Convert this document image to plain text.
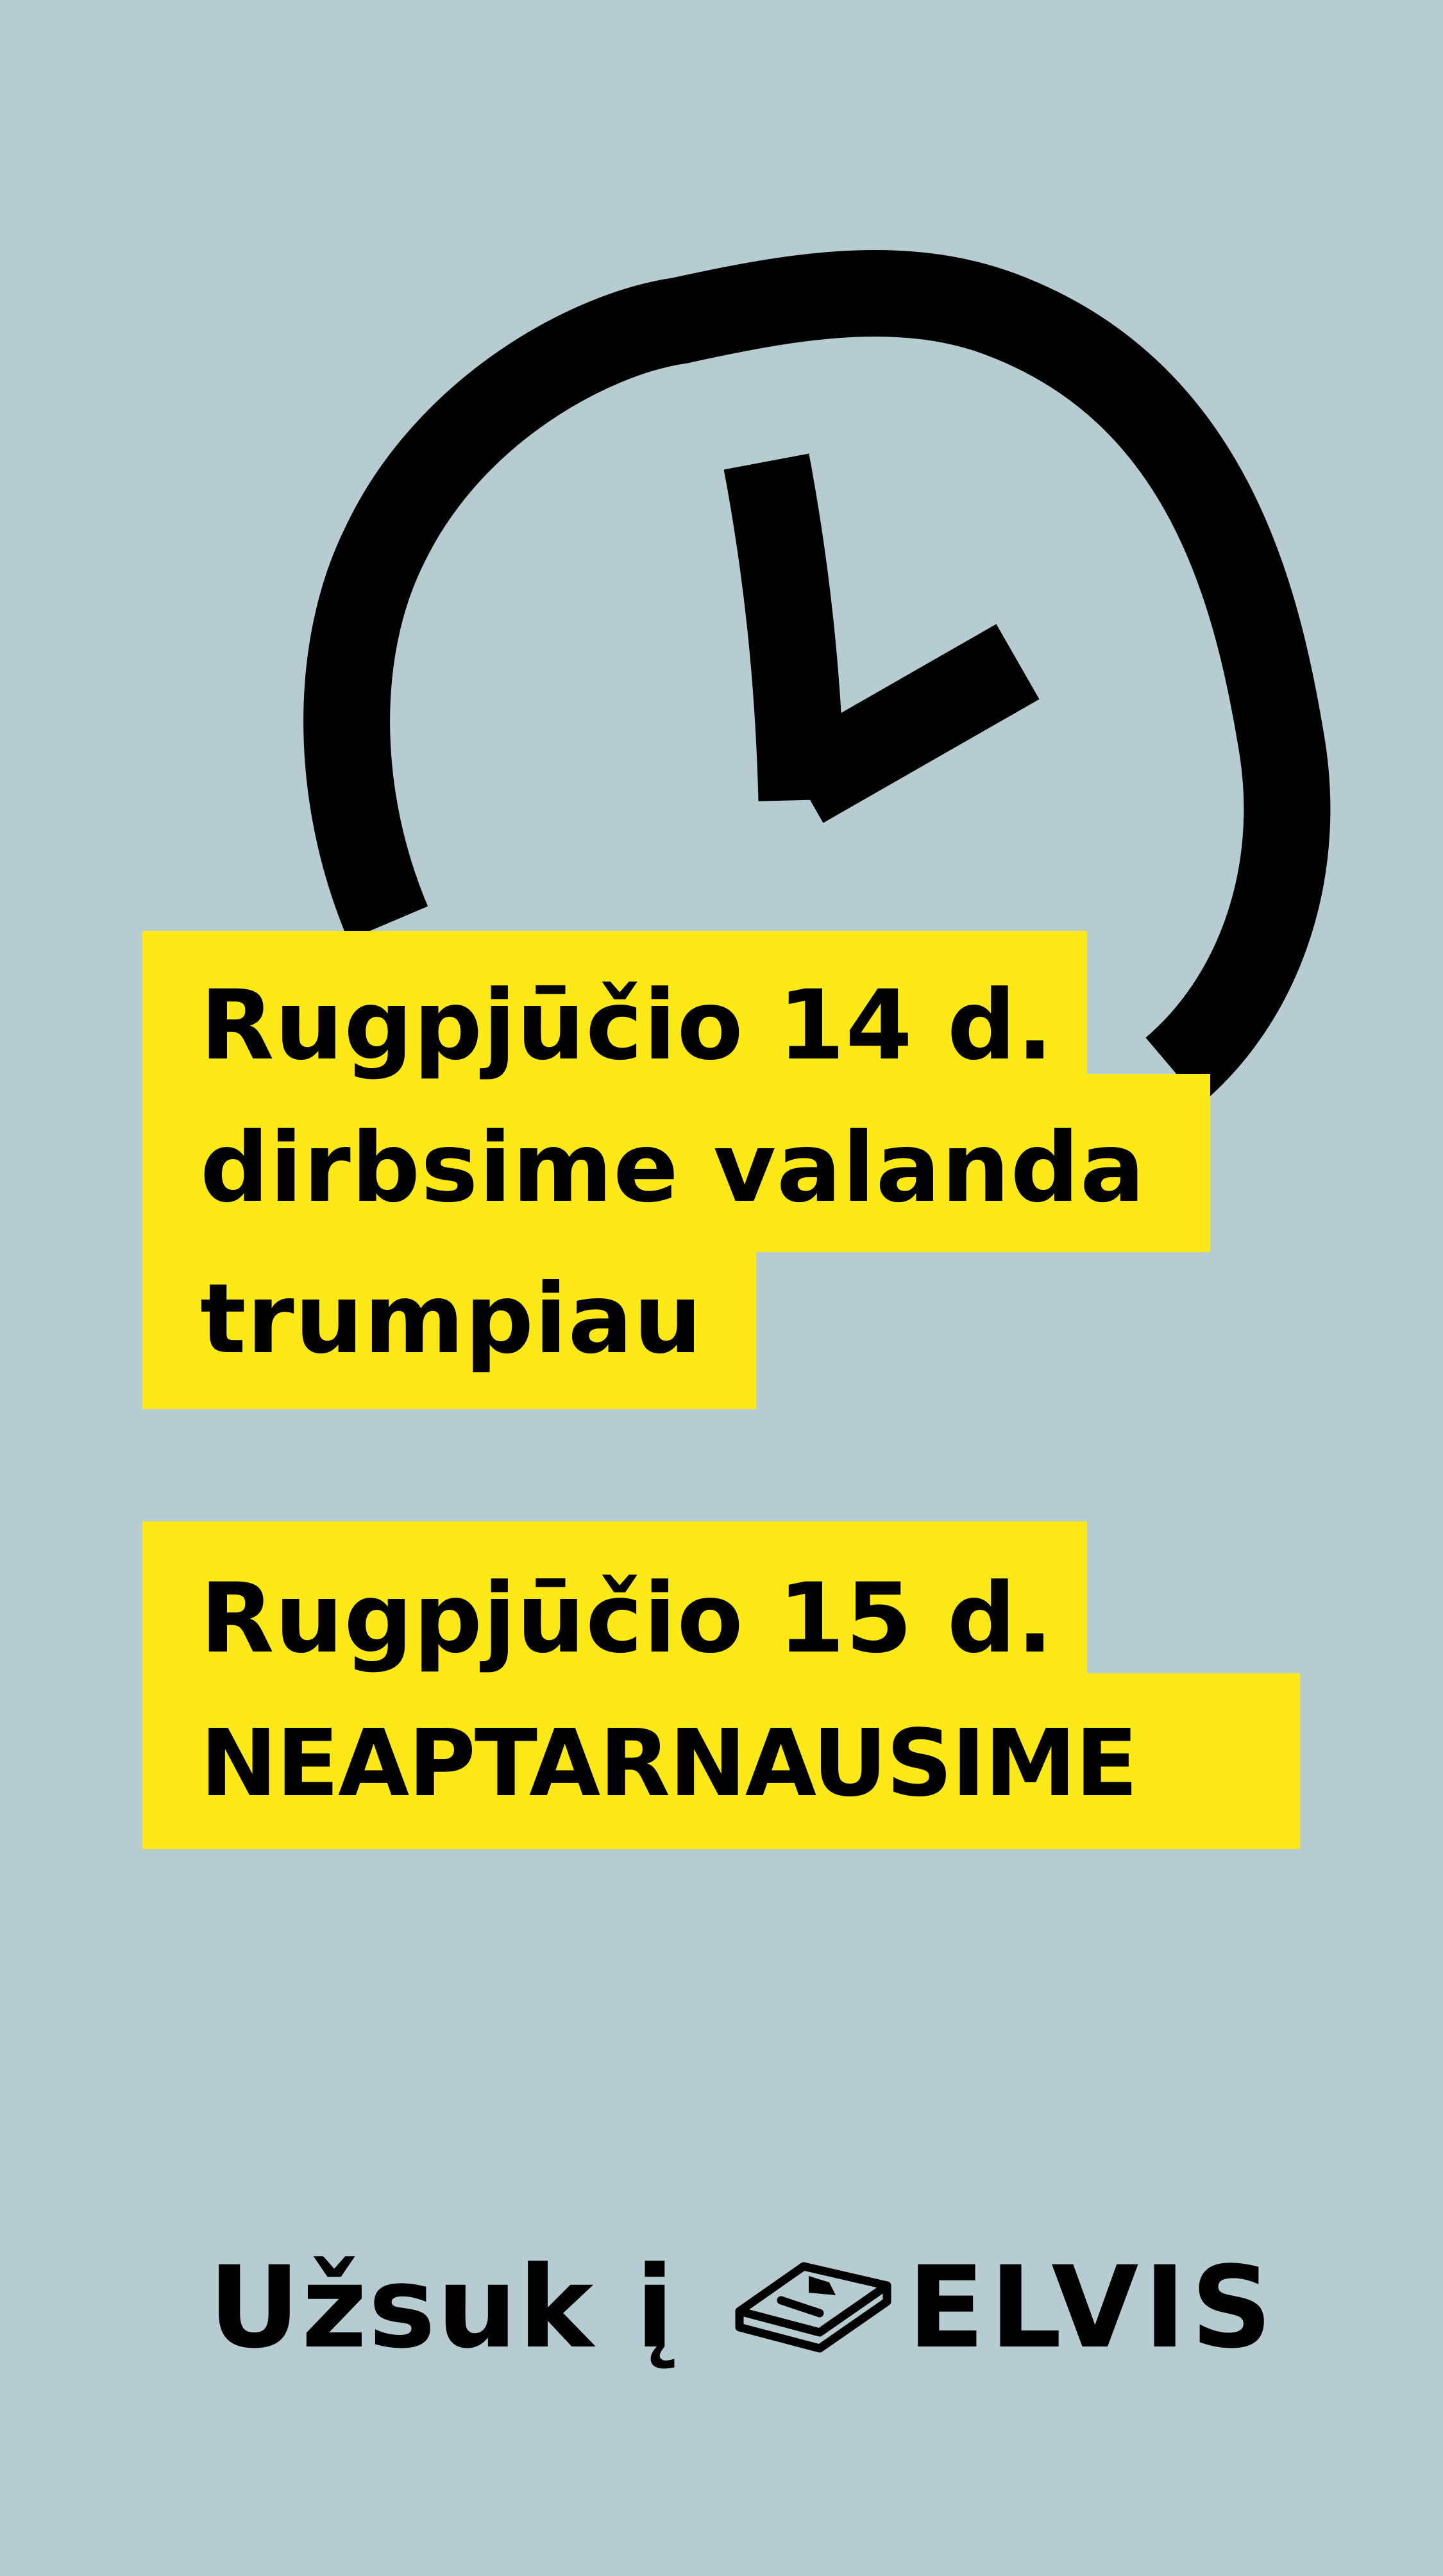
Rugpjūčio 14 d.
dirbsime valanda
trumpiau
Rugpjūčio 15 d.
NEAPTARNAUSIME
Užsuk į ELVIS
